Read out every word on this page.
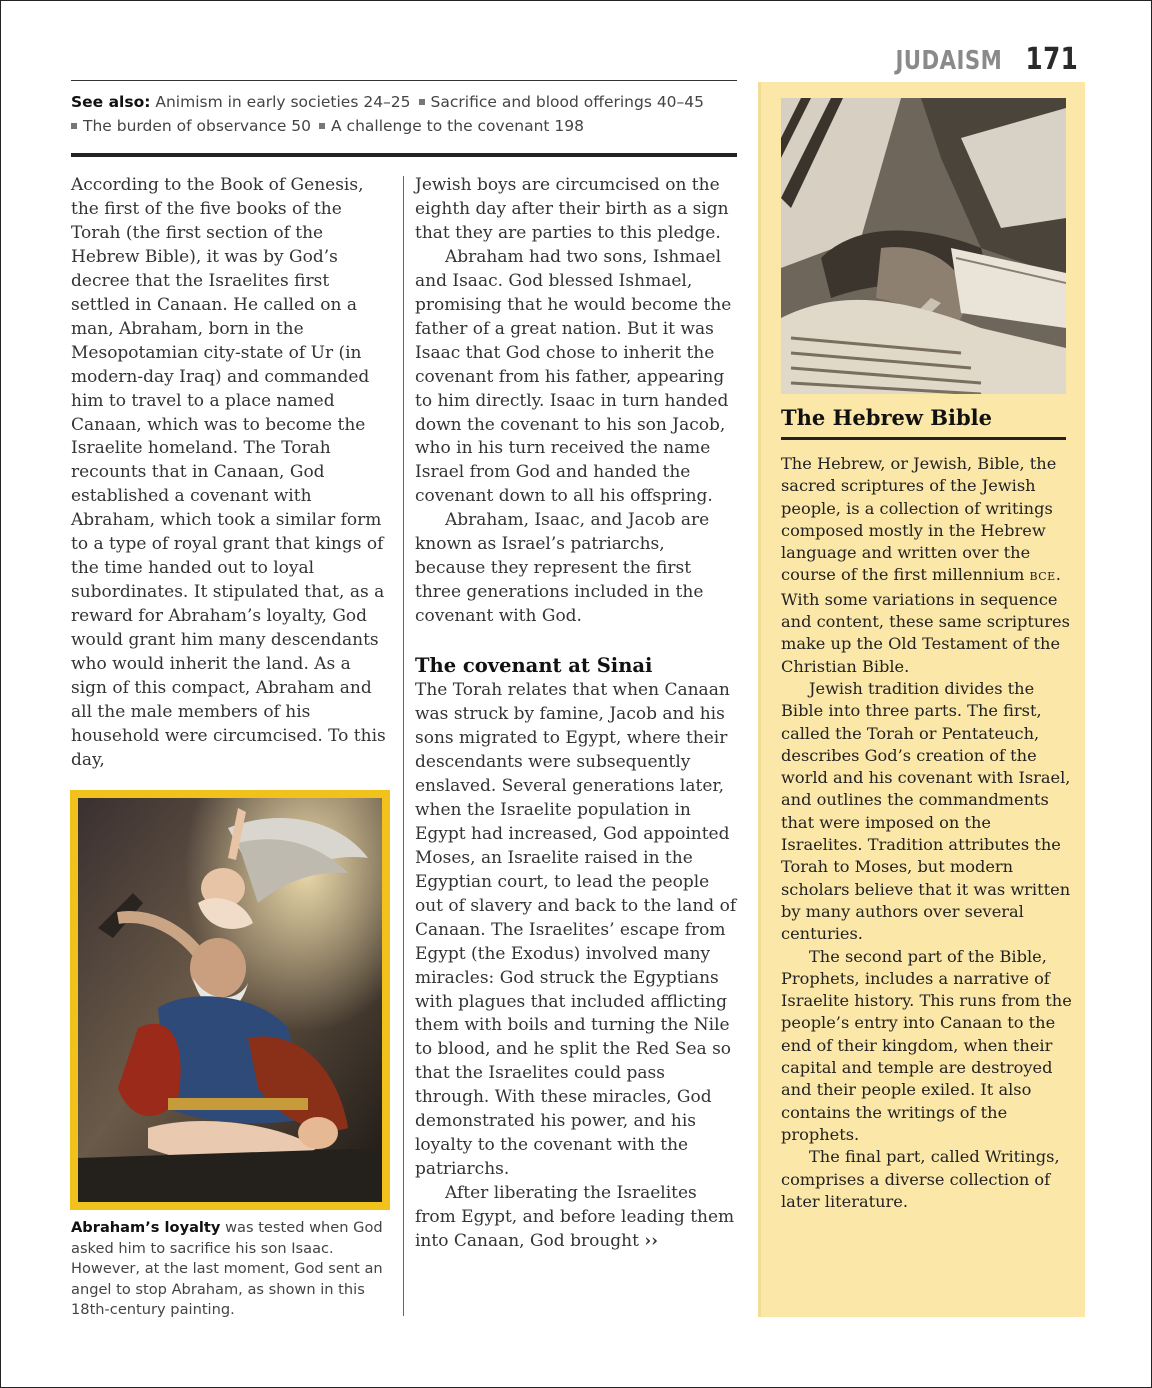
JUDAISM 171
See also: Animism in early societies 24–25 Sacrifice and blood offerings 40–45
The burden of observance 50 A challenge to the covenant 198

According to the Book of Genesis, the first of the five books of the Torah (the first section of the Hebrew Bible), it was by God’s decree that the Israelites first settled in Canaan. He called on a man, Abraham, born in the Mesopotamian city-state of Ur (in modern-day Iraq) and commanded him to travel to a place named Canaan, which was to become the Israelite homeland. The Torah recounts that in Canaan, God established a covenant with Abraham, which took a similar form to a type of royal grant that kings of the time handed out to loyal subordinates. It stipulated that, as a reward for Abraham’s loyalty, God would grant him many descendants who would inherit the land. As a sign of this compact, Abraham and all the male members of his household were circumcised. To this day,

Abraham’s loyalty was tested when God asked him to sacrifice his son Isaac. However, at the last moment, God sent an angel to stop Abraham, as shown in this 18th-century painting.

Jewish boys are circumcised on the eighth day after their birth as a sign that they are parties to this pledge.

Abraham had two sons, Ishmael and Isaac. God blessed Ishmael, promising that he would become the father of a great nation. But it was Isaac that God chose to inherit the covenant from his father, appearing to him directly. Isaac in turn handed down the covenant to his son Jacob, who in his turn received the name Israel from God and handed the covenant down to all his offspring.

Abraham, Isaac, and Jacob are known as Israel’s patriarchs, because they represent the first three generations included in the covenant with God.

The covenant at Sinai

The Torah relates that when Canaan was struck by famine, Jacob and his sons migrated to Egypt, where their descendants were subsequently enslaved. Several generations later, when the Israelite population in Egypt had increased, God appointed Moses, an Israelite raised in the Egyptian court, to lead the people out of slavery and back to the land of Canaan. The Israelites’ escape from Egypt (the Exodus) involved many miracles: God struck the Egyptians with plagues that included afflicting them with boils and turning the Nile to blood, and he split the Red Sea so that the Israelites could pass through. With these miracles, God demonstrated his power, and his loyalty to the covenant with the patriarchs.

After liberating the Israelites from Egypt, and before leading them into Canaan, God brought ››

The Hebrew Bible

The Hebrew, or Jewish, Bible, the sacred scriptures of the Jewish people, is a collection of writings composed mostly in the Hebrew language and written over the course of the first millennium BCE. With some variations in sequence and content, these same scriptures make up the Old Testament of the Christian Bible.

Jewish tradition divides the Bible into three parts. The first, called the Torah or Pentateuch, describes God’s creation of the world and his covenant with Israel, and outlines the commandments that were imposed on the Israelites. Tradition attributes the Torah to Moses, but modern scholars believe that it was written by many authors over several centuries.

The second part of the Bible, Prophets, includes a narrative of Israelite history. This runs from the people’s entry into Canaan to the end of their kingdom, when their capital and temple are destroyed and their people exiled. It also contains the writings of the prophets.

The final part, called Writings, comprises a diverse collection of later literature.
